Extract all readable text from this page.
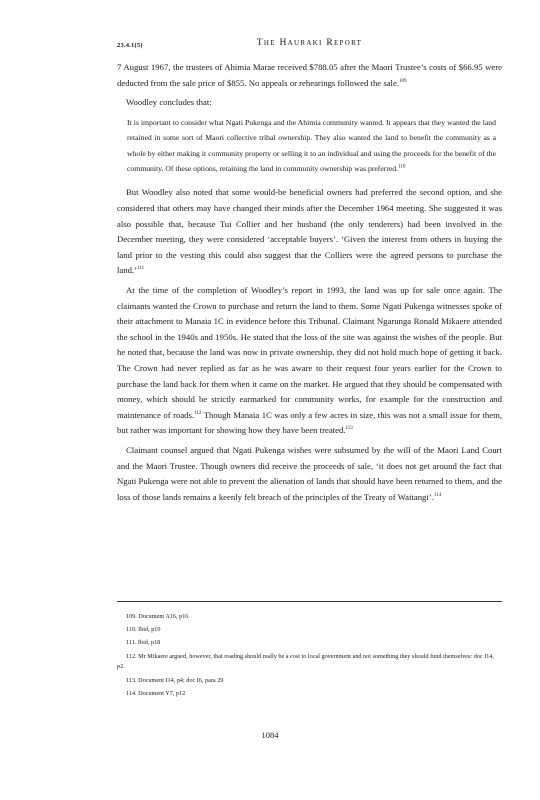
23.4.1(5)	The Hauraki Report

7 August 1967, the trustees of Ahimia Marae received $788.05 after the Maori Trustee’s costs of $66.95 were deducted from the sale price of $855. No appeals or rehearings followed the sale.$^{109}$

Woodley concludes that:

It is important to consider what Ngati Pukenga and the Ahimia community wanted. It appears that they wanted the land retained in some sort of Maori collective tribal ownership. They also wanted the land to benefit the community as a whole by either making it community property or selling it to an individual and using the proceeds for the benefit of the community. Of these options, retaining the land in community ownership was preferred.$^{110}$

But Woodley also noted that some would-be beneficial owners had preferred the second option, and she considered that others may have changed their minds after the December 1964 meeting. She suggested it was also possible that, because Tui Collier and her husband (the only tenderers) had been involved in the December meeting, they were considered ‘acceptable buyers’. ‘Given the interest from others in buying the land prior to the vesting this could also suggest that the Colliers were the agreed persons to purchase the land.’$^{111}$

At the time of the completion of Woodley’s report in 1993, the land was up for sale once again. The claimants wanted the Crown to purchase and return the land to them. Some Ngati Pukenga witnesses spoke of their attachment to Manaia 1C in evidence before this Tribunal. Claimant Ngarunga Ronald Mikaere attended the school in the 1940s and 1950s. He stated that the loss of the site was against the wishes of the people. But he noted that, because the land was now in private ownership, they did not hold much hope of getting it back. The Crown had never replied as far as he was aware to their request four years earlier for the Crown to purchase the land back for them when it came on the market. He argued that they should be compensated with money, which should be strictly earmarked for community works, for example for the construction and maintenance of roads.$^{112}$ Though Manaia 1C was only a few acres in size, this was not a small issue for them, but rather was important for showing how they have been treated.$^{113}$

Claimant counsel argued that Ngati Pukenga wishes were subsumed by the will of the Maori Land Court and the Maori Trustee. Though owners did receive the proceeds of sale, ‘it does not get around the fact that Ngati Pukenga were not able to prevent the alienation of lands that should have been returned to them, and the loss of those lands remains a keenly felt breach of the principles of the Treaty of Waitangi’.$^{114}$

109. Document A16, p16
110. Ibid, p19
111. Ibid, p18
112. Mr Mikaere argued, however, that roading should really be a cost to local government and not something they should fund themselves: doc I14, p2.
113. Document I14, p4; doc I6, para 29
114. Document Y7, p12
1084
